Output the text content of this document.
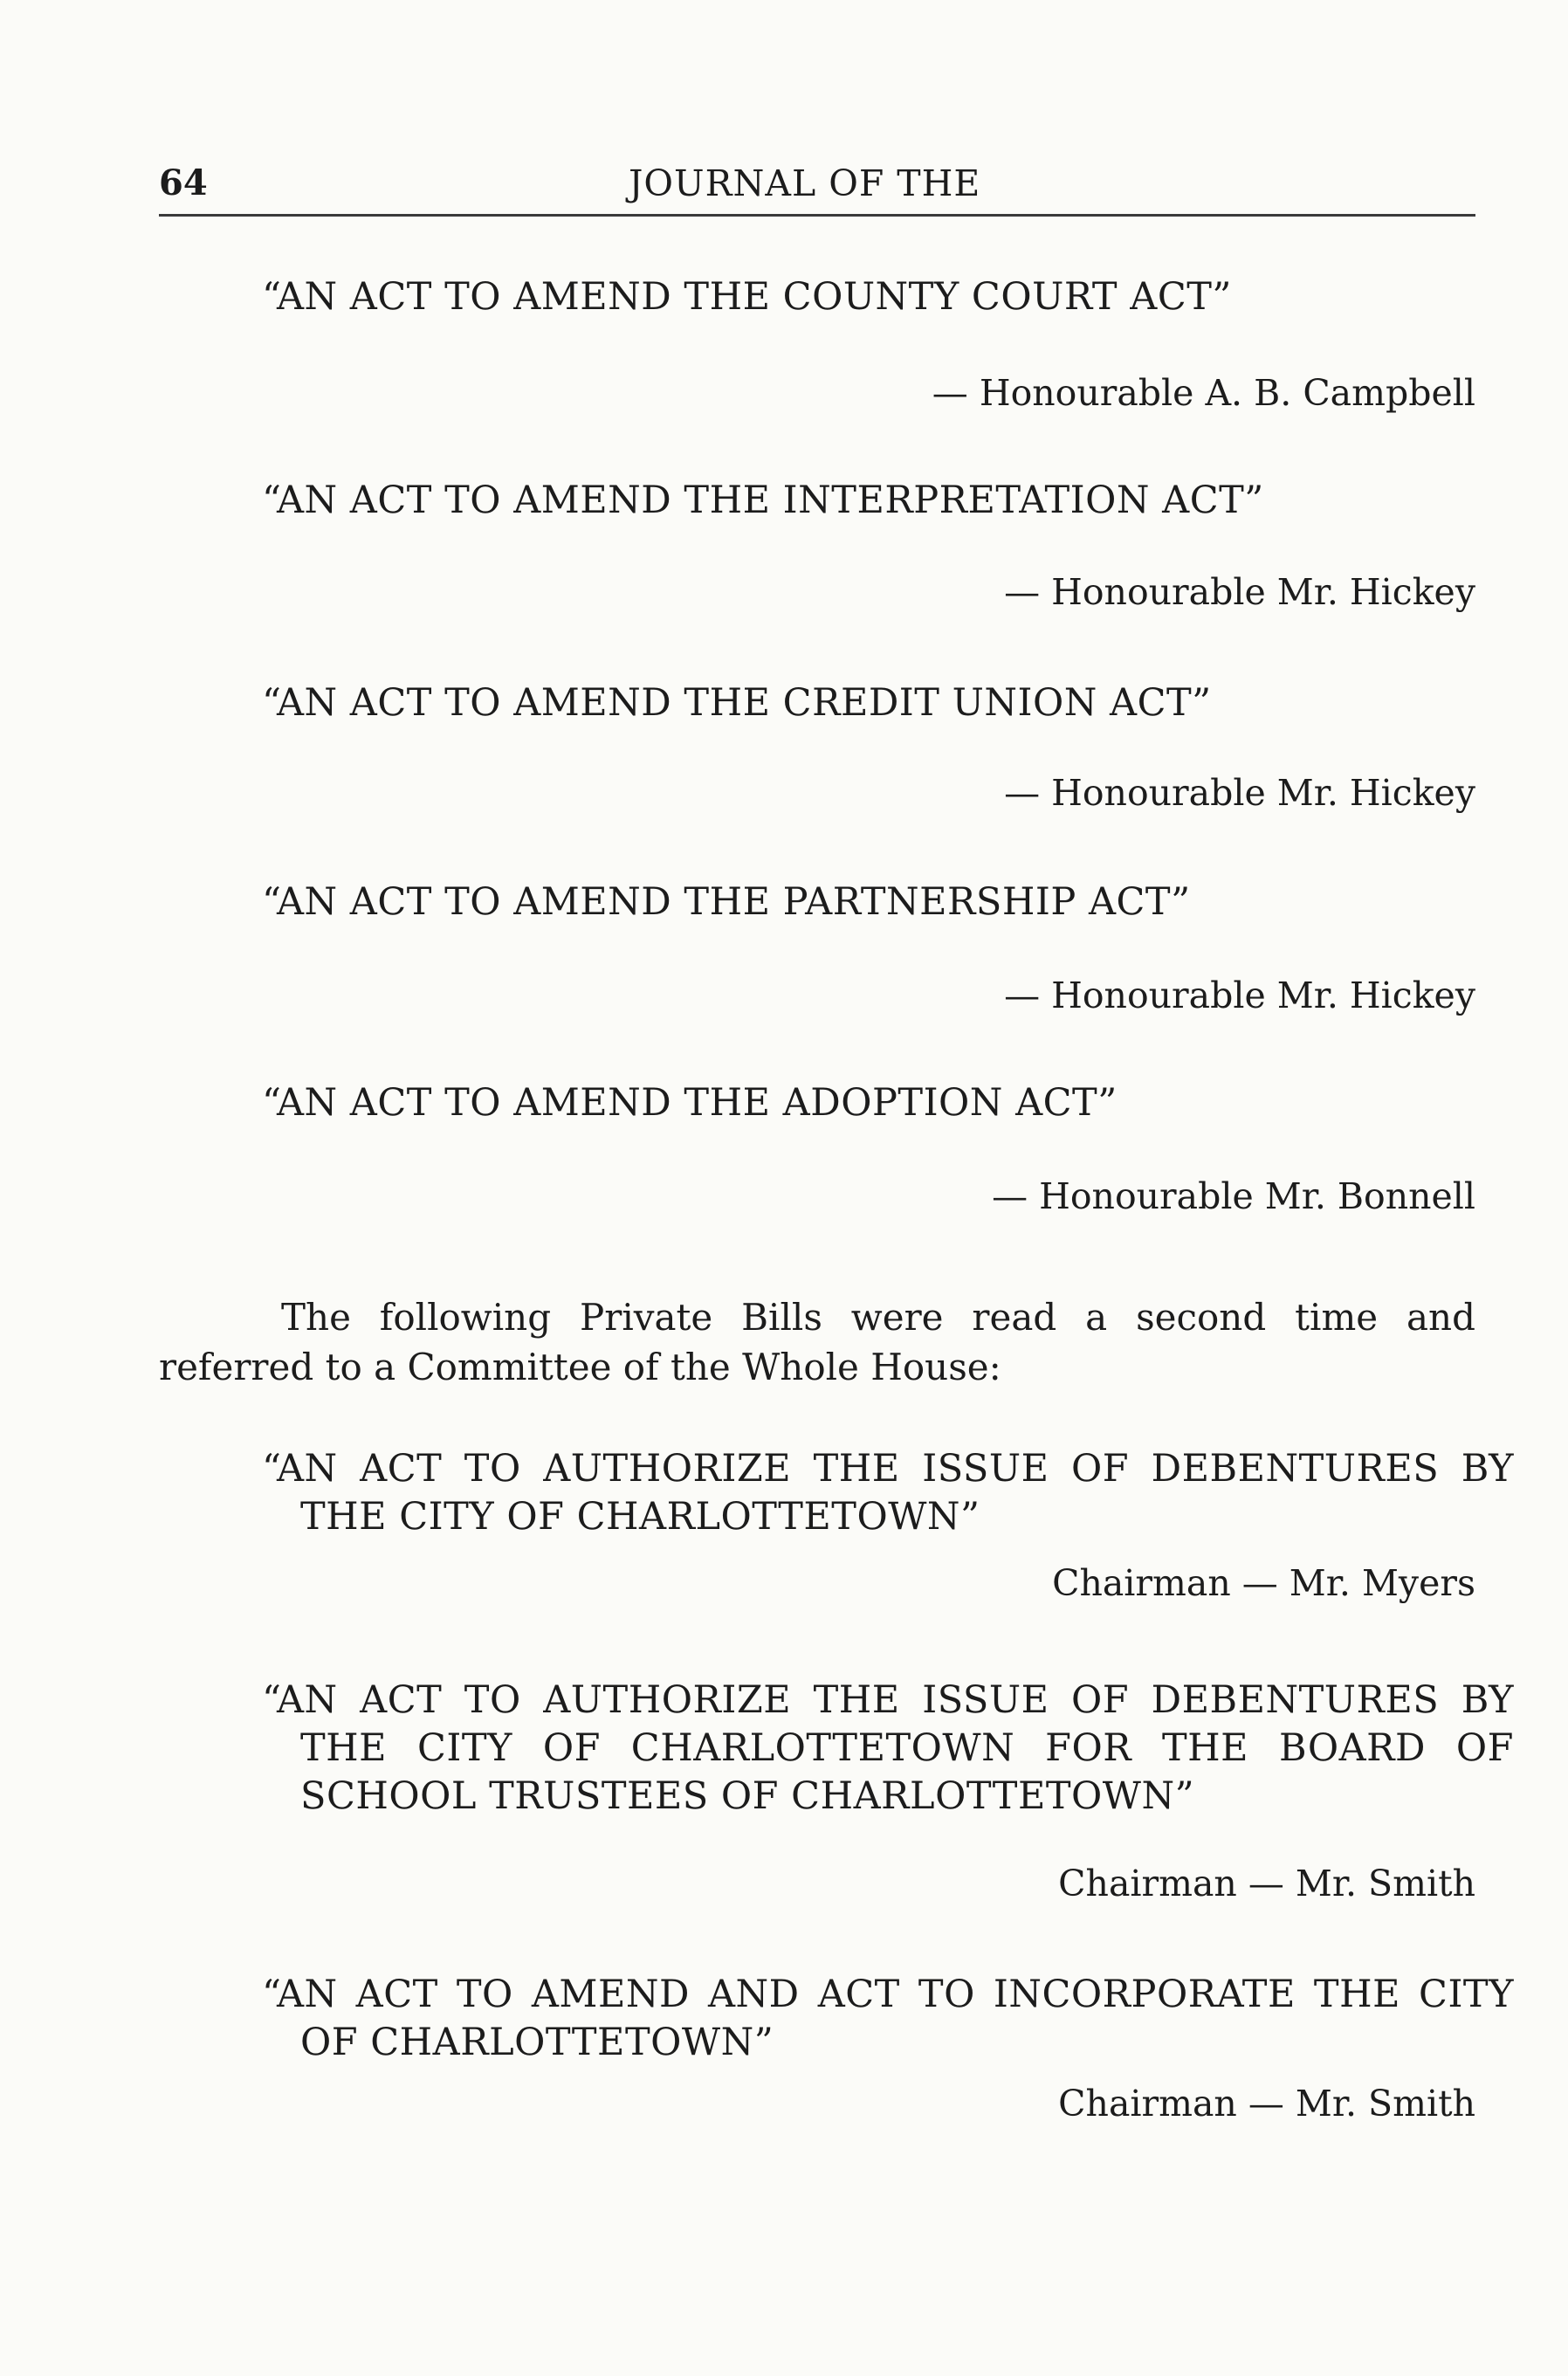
64	JOURNAL OF THE
“AN ACT TO AMEND THE COUNTY COURT ACT”
— Honourable A. B. Campbell
“AN ACT TO AMEND THE INTERPRETATION ACT”
— Honourable Mr. Hickey
“AN ACT TO AMEND THE CREDIT UNION ACT”
— Honourable Mr. Hickey
“AN ACT TO AMEND THE PARTNERSHIP ACT”
— Honourable Mr. Hickey
“AN ACT TO AMEND THE ADOPTION ACT”
— Honourable Mr. Bonnell
The following Private Bills were read a second time and referred to a Committee of the Whole House:
“AN ACT TO AUTHORIZE THE ISSUE OF DEBENTURES BY THE CITY OF CHARLOTTETOWN”
Chairman — Mr. Myers
“AN ACT TO AUTHORIZE THE ISSUE OF DEBENTURES BY THE CITY OF CHARLOTTETOWN FOR THE BOARD OF SCHOOL TRUSTEES OF CHARLOTTETOWN”
Chairman — Mr. Smith
“AN ACT TO AMEND AND ACT TO INCORPORATE THE CITY OF CHARLOTTETOWN”
Chairman — Mr. Smith
